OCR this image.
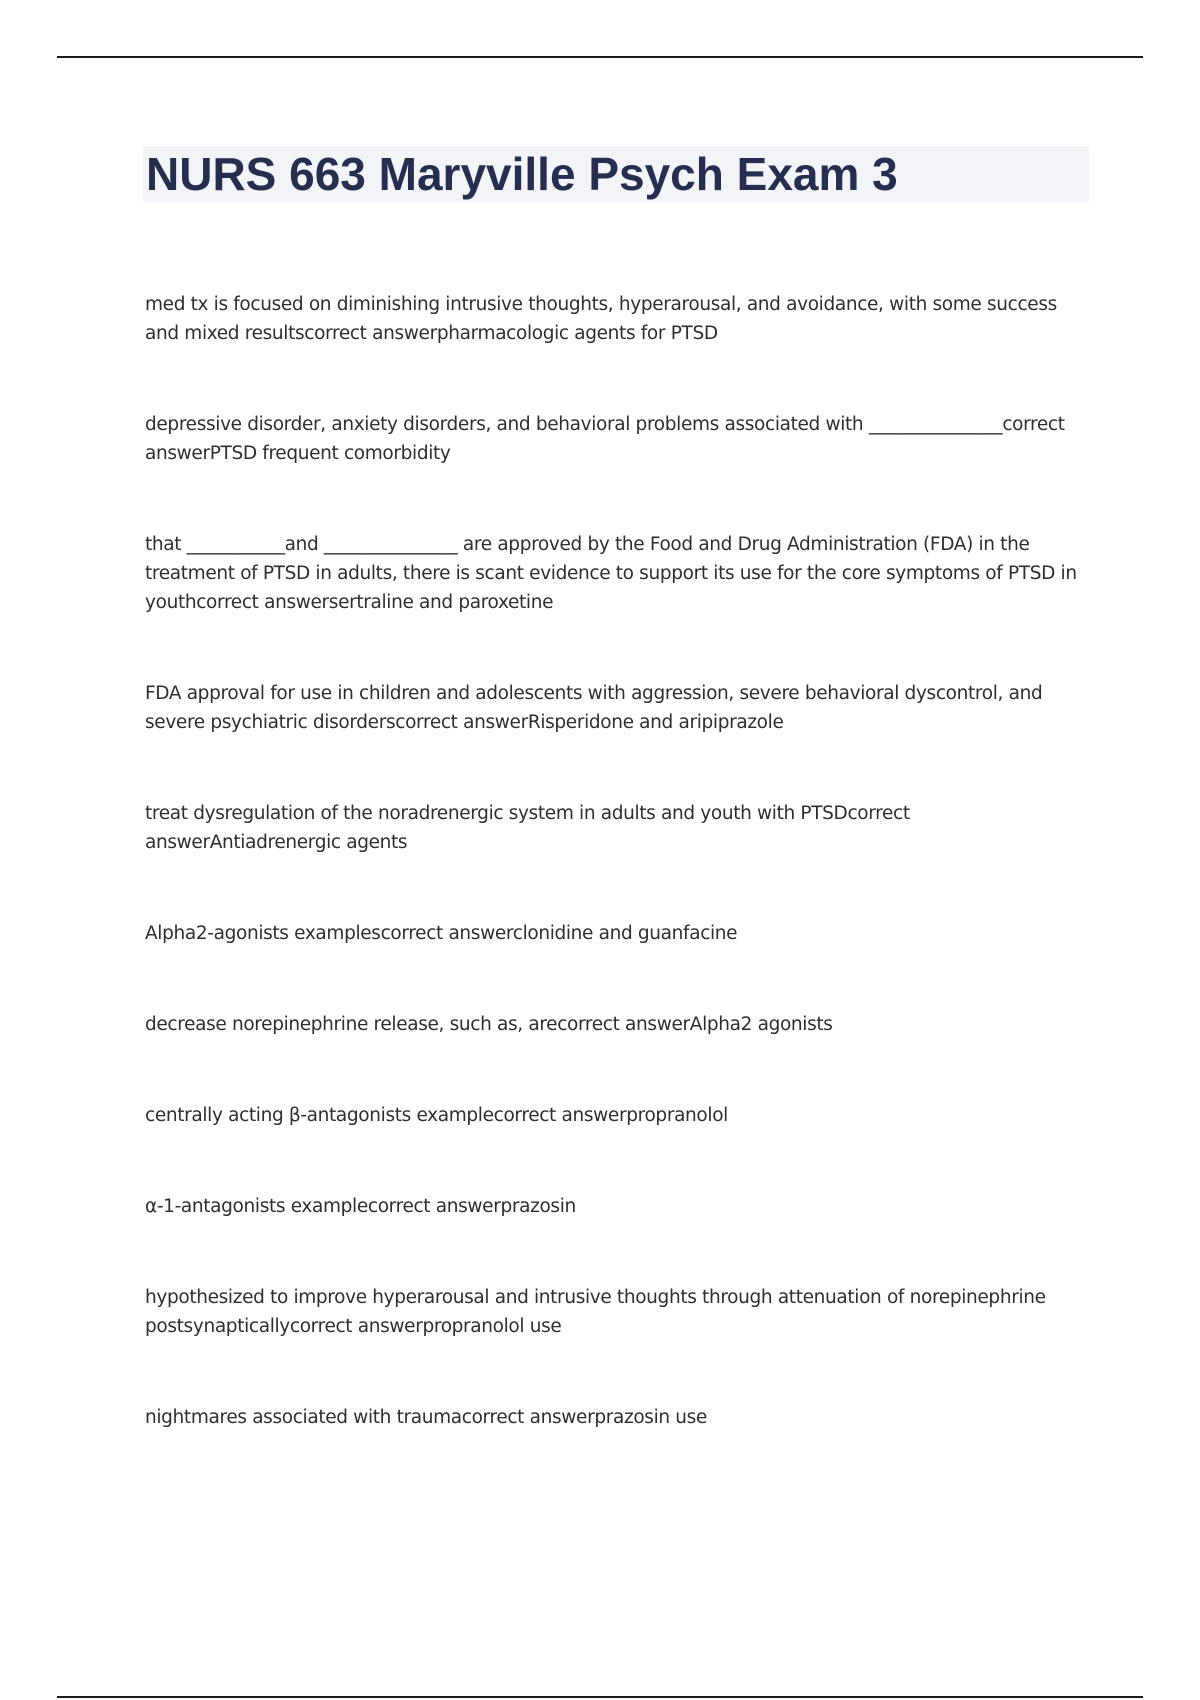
NURS 663 Maryville Psych Exam 3
med tx is focused on diminishing intrusive thoughts, hyperarousal, and avoidance, with some success and mixed resultscorrect answerpharmacologic agents for PTSD
depressive disorder, anxiety disorders, and behavioral problems associated with _______________correct answerPTSD frequent comorbidity
that ___________and _______________ are approved by the Food and Drug Administration (FDA) in the treatment of PTSD in adults, there is scant evidence to support its use for the core symptoms of PTSD in youthcorrect answersertraline and paroxetine
FDA approval for use in children and adolescents with aggression, severe behavioral dyscontrol, and severe psychiatric disorderscorrect answerRisperidone and aripiprazole
treat dysregulation of the noradrenergic system in adults and youth with PTSDcorrect answerAntiadrenergic agents
Alpha2-agonists examplescorrect answerclonidine and guanfacine
decrease norepinephrine release, such as, arecorrect answerAlpha2 agonists
centrally acting β-antagonists examplecorrect answerpropranolol
α-1-antagonists examplecorrect answerprazosin
hypothesized to improve hyperarousal and intrusive thoughts through attenuation of norepinephrine postsynapticallycorrect answerpropranolol use
nightmares associated with traumacorrect answerprazosin use
